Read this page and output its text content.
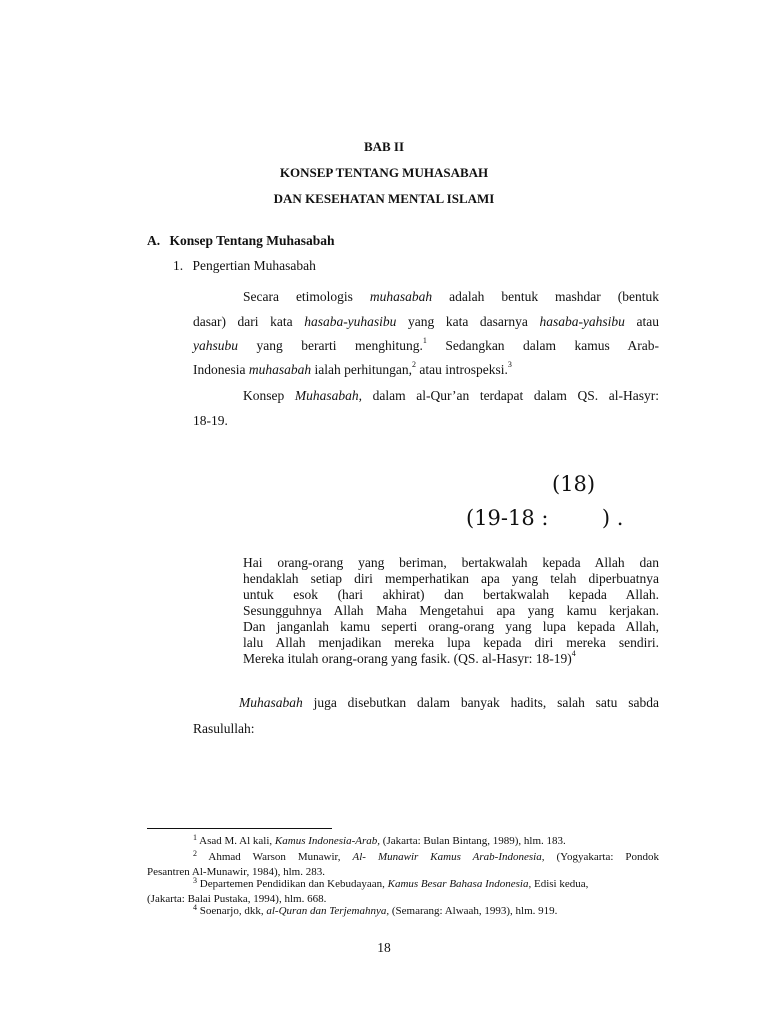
BAB II
KONSEP TENTANG MUHASABAH
DAN KESEHATAN MENTAL ISLAMI
A. Konsep Tentang Muhasabah
1. Pengertian Muhasabah
Secara etimologis muhasabah adalah bentuk mashdar (bentuk
dasar) dari kata hasaba-yuhasibu yang kata dasarnya hasaba-yahsibu atau
yahsubu yang berarti menghitung.$^1$ Sedangkan dalam kamus Arab-
Indonesia muhasabah ialah perhitungan,$^2$ atau introspeksi.$^3$
Konsep Muhasabah, dalam al-Qur’an terdapat dalam QS. al-Hasyr:
18-19.
(18)
(19-18 :        ) .
Hai orang-orang yang beriman, bertakwalah kepada Allah dan
hendaklah setiap diri memperhatikan apa yang telah diperbuatnya
untuk esok (hari akhirat) dan bertakwalah kepada Allah.
Sesungguhnya Allah Maha Mengetahui apa yang kamu kerjakan.
Dan janganlah kamu seperti orang-orang yang lupa kepada Allah,
lalu Allah menjadikan mereka lupa kepada diri mereka sendiri.
Mereka itulah orang-orang yang fasik. (QS. al-Hasyr: 18-19)$^4$
Muhasabah juga disebutkan dalam banyak hadits, salah satu sabda
Rasulullah:
$^1$ Asad M. Al kali, Kamus Indonesia-Arab, (Jakarta: Bulan Bintang, 1989), hlm. 183.
$^2$ Ahmad Warson Munawir, Al- Munawir Kamus Arab-Indonesia, (Yogyakarta: Pondok
Pesantren Al-Munawir, 1984), hlm. 283.
$^3$ Departemen Pendidikan dan Kebudayaan, Kamus Besar Bahasa Indonesia, Edisi kedua,
(Jakarta: Balai Pustaka, 1994), hlm. 668.
$^4$ Soenarjo, dkk, al-Quran dan Terjemahnya, (Semarang: Alwaah, 1993), hlm. 919.
18
